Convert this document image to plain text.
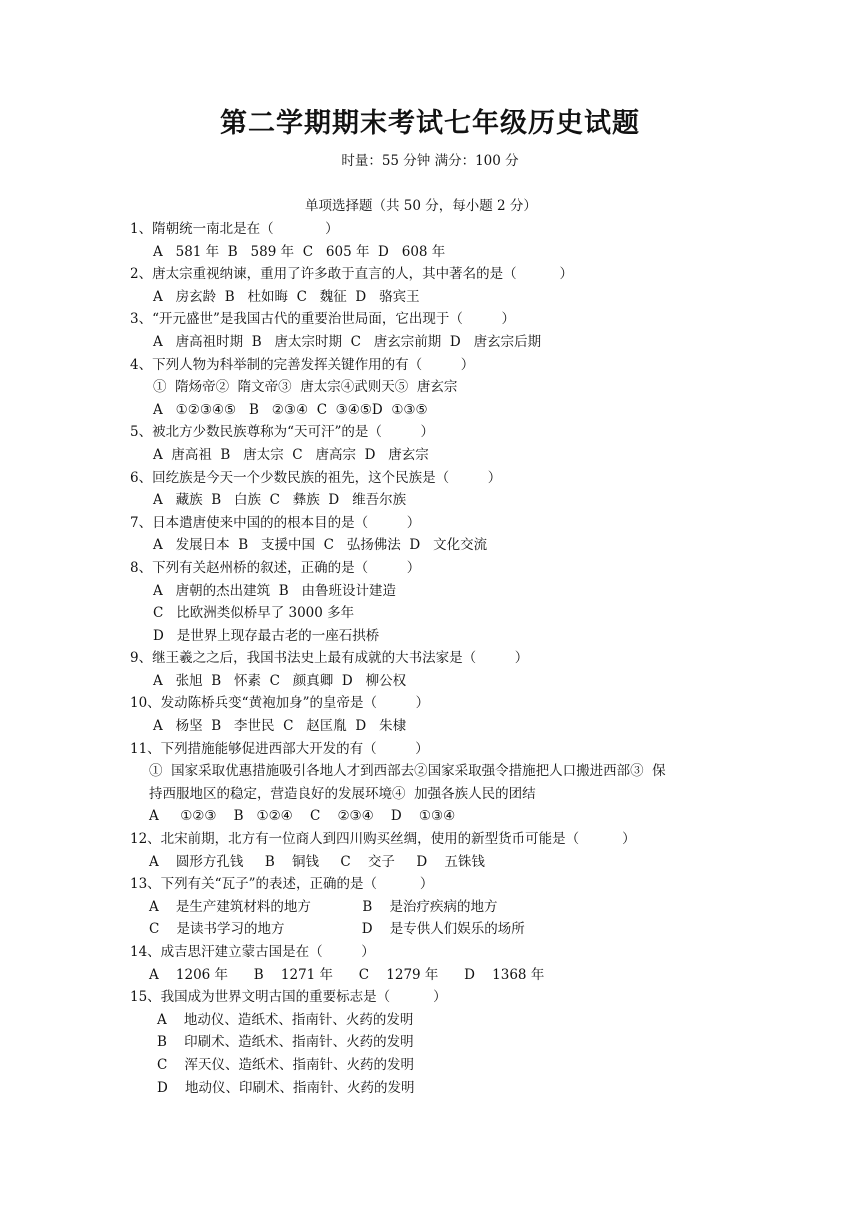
第二学期期末考试七年级历史试题
时量：55 分钟 满分：100 分
单项选择题（共 50 分，每小题 2 分）
1、隋朝统一南北是在（            ）
A   581 年  B   589 年  C   605 年  D   608 年
2、唐太宗重视纳谏，重用了许多敢于直言的人，其中著名的是（          ）
A   房玄龄  B   杜如晦  C   魏征  D   骆宾王
3、“开元盛世”是我国古代的重要治世局面，它出现于（         ）
A   唐高祖时期  B   唐太宗时期  C   唐玄宗前期  D   唐玄宗后期
4、下列人物为科举制的完善发挥关键作用的有（         ）
①  隋炀帝②  隋文帝③  唐太宗④武则天⑤  唐玄宗
A   ①②③④⑤   B   ②③④  C  ③④⑤D  ①③⑤
5、被北方少数民族尊称为“天可汗”的是（         ）
A  唐高祖  B   唐太宗  C   唐高宗  D   唐玄宗
6、回纥族是今天一个少数民族的祖先，这个民族是（         ）
A   藏族  B   白族  C   彝族  D   维吾尔族
7、日本遣唐使来中国的的根本目的是（         ）
A   发展日本  B   支援中国  C   弘扬佛法  D   文化交流
8、下列有关赵州桥的叙述，正确的是（         ）
A   唐朝的杰出建筑  B   由鲁班设计建造
C   比欧洲类似桥早了 3000 多年
D   是世界上现存最古老的一座石拱桥
9、继王羲之之后，我国书法史上最有成就的大书法家是（         ）
A   张旭  B   怀素  C   颜真卿  D   柳公权
10、发动陈桥兵变“黄袍加身”的皇帝是（         ）
A   杨坚  B   李世民  C   赵匡胤  D   朱棣
11、下列措施能够促进西部大开发的有（         ）
①  国家采取优惠措施吸引各地人才到西部去②国家采取强令措施把人口搬进西部③  保
持西服地区的稳定，营造良好的发展环境④  加强各族人民的团结
A     ①②③    B   ①②④    C    ②③④    D    ①③④
12、北宋前期，北方有一位商人到四川购买丝绸，使用的新型货币可能是（          ）
A    圆形方孔钱     B    铜钱     C    交子     D    五铢钱
13、下列有关“瓦子”的表述，正确的是（          ）
A    是生产建筑材料的地方            B    是治疗疾病的地方
C    是读书学习的地方                  D    是专供人们娱乐的场所
14、成吉思汗建立蒙古国是在（         ）
A    1206 年      B    1271 年      C    1279 年      D    1368 年
15、我国成为世界文明古国的重要标志是（          ）
A    地动仪、造纸术、指南针、火药的发明
B    印刷术、造纸术、指南针、火药的发明
C    浑天仪、造纸术、指南针、火药的发明
D    地动仪、印刷术、指南针、火药的发明
